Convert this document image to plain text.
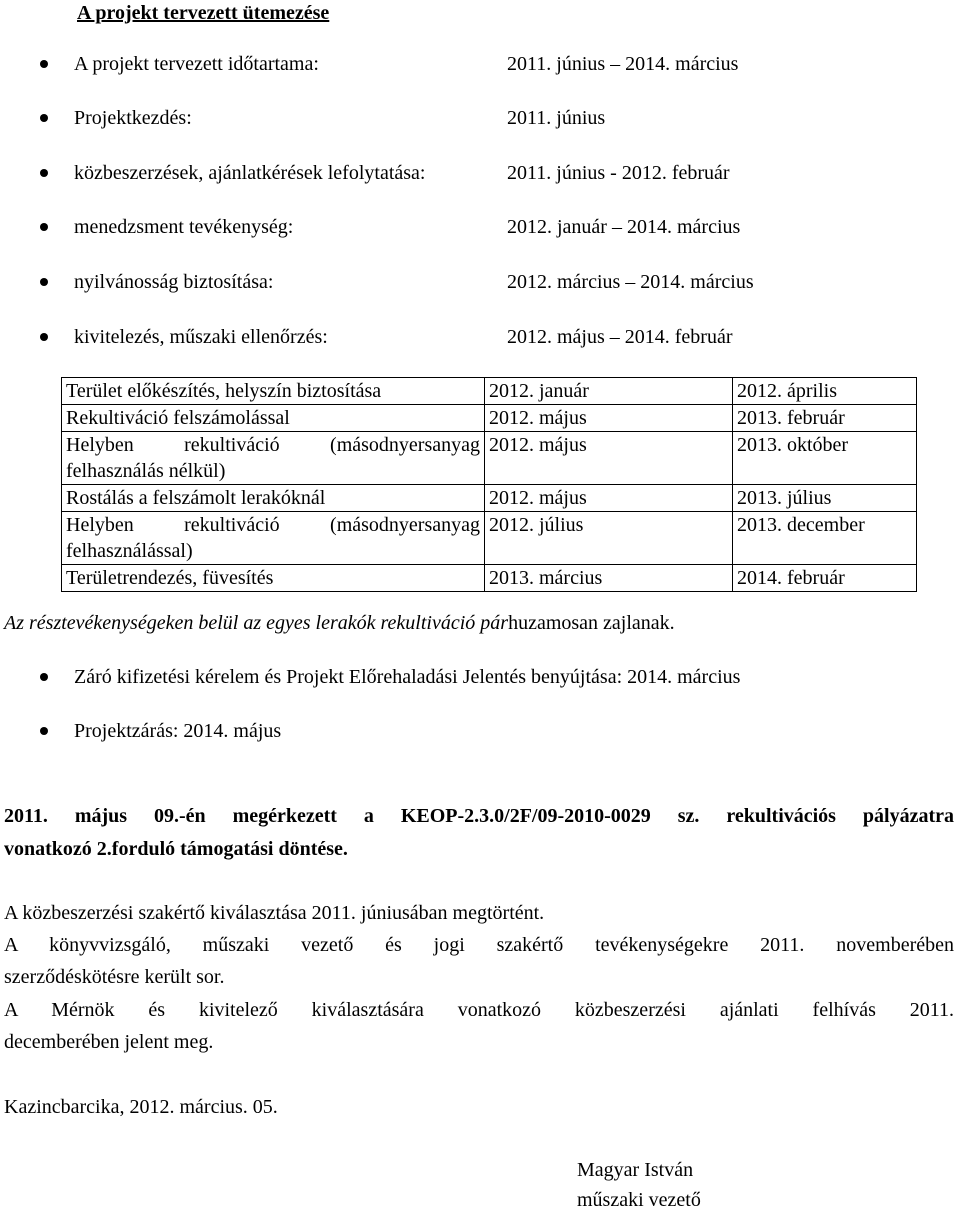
A projekt tervezett ütemezése
A projekt tervezett időtartama:	2011. június – 2014. március
Projektkezdés:	2011. június
közbeszerzések, ajánlatkérések lefolytatása:	2011. június - 2012. február
menedzsment tevékenység:	2012. január – 2014. március
nyilvánosság biztosítása:	2012. március – 2014. március
kivitelezés, műszaki ellenőrzés:	2012. május – 2014. február
Terület előkészítés, helyszín biztosítása	2012. január	2012. április
Rekultiváció felszámolással	2012. május	2013. február
Helyben rekultiváció (másodnyersanyag felhasználás nélkül)	2012. május	2013. október
Rostálás a felszámolt lerakóknál	2012. május	2013. július
Helyben rekultiváció (másodnyersanyag felhasználással)	2012. július	2013. december
Területrendezés, füvesítés	2013. március	2014. február
Az résztevékenységeken belül az egyes lerakók rekultiváció párhuzamosan zajlanak.
Záró kifizetési kérelem és Projekt Előrehaladási Jelentés benyújtása: 2014. március
Projektzárás: 2014. május
2011. május 09.-én megérkezett a KEOP-2.3.0/2F/09-2010-0029 sz. rekultivációs pályázatra
vonatkozó 2.forduló támogatási döntése.
A közbeszerzési szakértő kiválasztása 2011. júniusában megtörtént.
A könyvvizsgáló, műszaki vezető és jogi szakértő tevékenységekre 2011. novemberében
szerződéskötésre került sor.
A Mérnök és kivitelező kiválasztására vonatkozó közbeszerzési ajánlati felhívás 2011.
decemberében jelent meg.
Kazincbarcika, 2012. március. 05.
Magyar István
műszaki vezető
